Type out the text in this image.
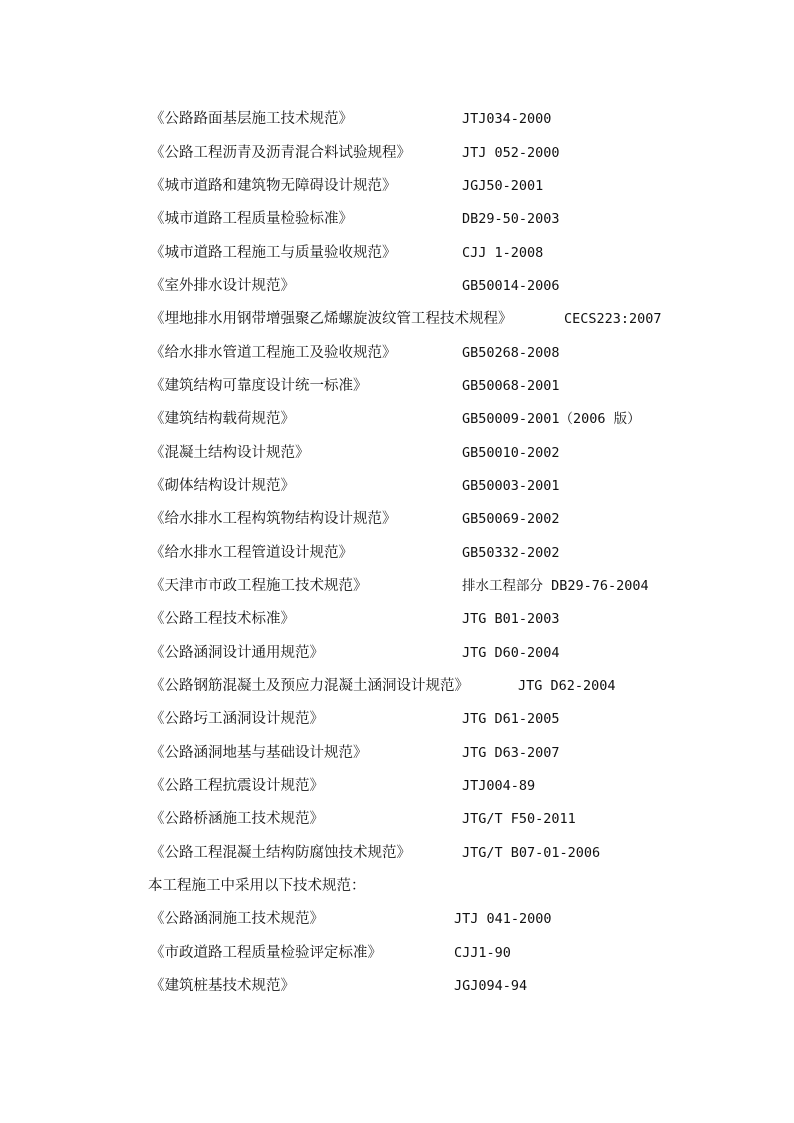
《公路路面基层施工技术规范》	JTJ034-2000
《公路工程沥青及沥青混合料试验规程》	JTJ 052-2000
《城市道路和建筑物无障碍设计规范》	JGJ50-2001
《城市道路工程质量检验标准》	DB29-50-2003
《城市道路工程施工与质量验收规范》	CJJ 1-2008
《室外排水设计规范》	GB50014-2006
《埋地排水用钢带增强聚乙烯螺旋波纹管工程技术规程》	CECS223:2007
《给水排水管道工程施工及验收规范》	GB50268-2008
《建筑结构可靠度设计统一标准》	GB50068-2001
《建筑结构载荷规范》	GB50009-2001（2006 版）
《混凝土结构设计规范》	GB50010-2002
《砌体结构设计规范》	GB50003-2001
《给水排水工程构筑物结构设计规范》	GB50069-2002
《给水排水工程管道设计规范》	GB50332-2002
《天津市市政工程施工技术规范》	排水工程部分 DB29-76-2004
《公路工程技术标准》	JTG B01-2003
《公路涵洞设计通用规范》	JTG D60-2004
《公路钢筋混凝土及预应力混凝土涵洞设计规范》	JTG D62-2004
《公路圬工涵洞设计规范》	JTG D61-2005
《公路涵洞地基与基础设计规范》	JTG D63-2007
《公路工程抗震设计规范》	JTJ004-89
《公路桥涵施工技术规范》	JTG/T F50-2011
《公路工程混凝土结构防腐蚀技术规范》	JTG/T B07-01-2006
本工程施工中采用以下技术规范：
《公路涵洞施工技术规范》	JTJ 041-2000
《市政道路工程质量检验评定标准》	CJJ1-90
《建筑桩基技术规范》	JGJ094-94
